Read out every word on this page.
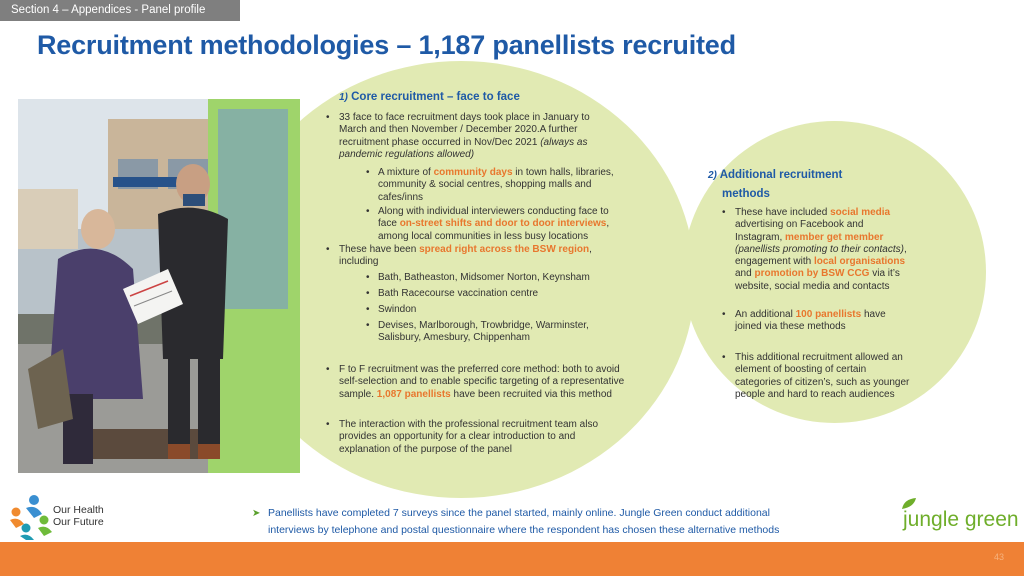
Section 4 – Appendices - Panel profile
Recruitment methodologies – 1,187 panellists recruited
1) Core recruitment – face to face
• 33 face to face recruitment days took place in January to
March and then November / December 2020.A further
recruitment phase occurred in Nov/Dec 2021 (always as
pandemic regulations allowed)
• A mixture of community days in town halls, libraries,
community & social centres, shopping malls and
cafes/inns
• Along with individual interviewers conducting face to
face on-street shifts and door to door interviews,
among local communities in less busy locations
• These have been spread right across the BSW region,
including
• Bath, Batheaston, Midsomer Norton, Keynsham
• Bath Racecourse vaccination centre
• Swindon
• Devises, Marlborough, Trowbridge, Warminster,
Salisbury, Amesbury, Chippenham
• F to F recruitment was the preferred core method: both to avoid
self-selection and to enable specific targeting of a representative
sample. 1,087 panellists have been recruited via this method
• The interaction with the professional recruitment team also
provides an opportunity for a clear introduction to and
explanation of the purpose of the panel
2) Additional recruitment
methods
• These have included social media
advertising on Facebook and
Instagram, member get member
(panellists promoting to their contacts),
engagement with local organisations
and promotion by BSW CCG via it’s
website, social media and contacts
• An additional 100 panellists have
joined via these methods
• This additional recruitment allowed an
element of boosting of certain
categories of citizen’s, such as younger
people and hard to reach audiences
➤ Panellists have completed 7 surveys since the panel started, mainly online. Jungle Green conduct additional
interviews by telephone and postal questionnaire where the respondent has chosen these alternative methods
Our Health
Our Future	jungle green
43
